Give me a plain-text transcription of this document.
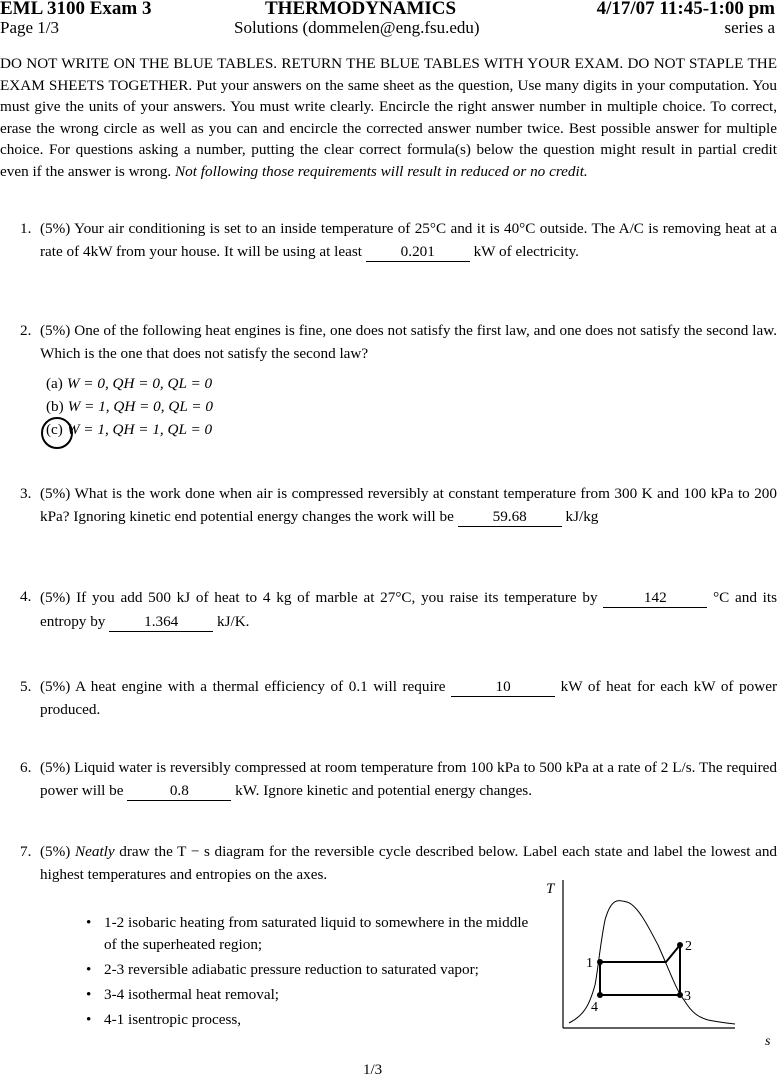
EML 3100 Exam 3	THERMODYNAMICS	4/17/07 11:45-1:00 pm
Page 1/3	Solutions (dommelen@eng.fsu.edu)	series a
DO NOT WRITE ON THE BLUE TABLES. RETURN THE BLUE TABLES WITH YOUR EXAM. DO NOT STAPLE THE EXAM SHEETS TOGETHER. Put your answers on the same sheet as the question, Use many digits in your computation. You must give the units of your answers. You must write clearly. Encircle the right answer number in multiple choice. To correct, erase the wrong circle as well as you can and encircle the corrected answer number twice. Best possible answer for multiple choice. For questions asking a number, putting the clear correct formula(s) below the question might result in partial credit even if the answer is wrong. Not following those requirements will result in reduced or no credit.
1. (5%) Your air conditioning is set to an inside temperature of 25°C and it is 40°C outside. The A/C is removing heat at a rate of 4kW from your house. It will be using at least	0.201	kW of electricity.
2. (5%) One of the following heat engines is fine, one does not satisfy the first law, and one does not satisfy the second law. Which is the one that does not satisfy the second law?
(a) W = 0, QH = 0, QL = 0
(b) W = 1, QH = 0, QL = 0
(c) W = 1, QH = 1, QL = 0
3. (5%) What is the work done when air is compressed reversibly at constant temperature from 300 K and 100 kPa to 200 kPa? Ignoring kinetic end potential energy changes the work will be	59.68	kJ/kg
4. (5%) If you add 500 kJ of heat to 4 kg of marble at 27°C, you raise its temperature by	142	°C and its entropy by	1.364	kJ/K.
5. (5%) A heat engine with a thermal efficiency of 0.1 will require	10	kW of heat for each kW of power produced.
6. (5%) Liquid water is reversibly compressed at room temperature from 100 kPa to 500 kPa at a rate of 2 L/s. The required power will be	0.8	kW. Ignore kinetic and potential energy changes.
7. (5%) Neatly draw the T − s diagram for the reversible cycle described below. Label each state and label the lowest and highest temperatures and entropies on the axes.
• 1-2 isobaric heating from saturated liquid to somewhere in the middle of the superheated region;
• 2-3 reversible adiabatic pressure reduction to saturated vapor;
• 3-4 isothermal heat removal;
• 4-1 isentropic process,
T
s
1
2
3
4
1/3
